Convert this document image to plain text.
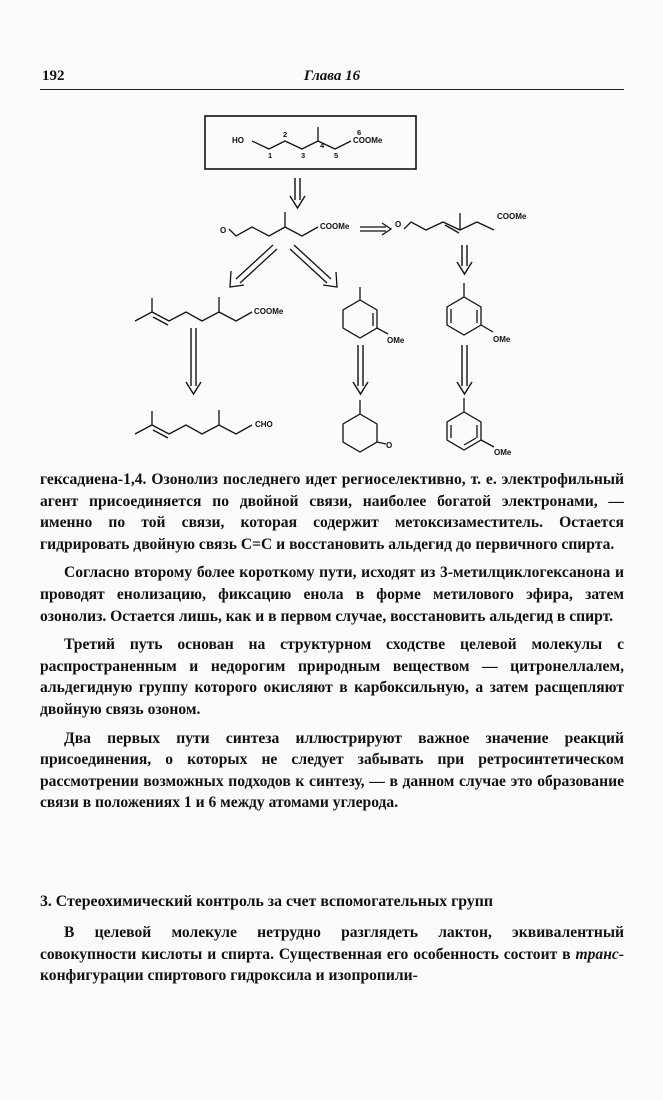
192	Глава 16
HO	COOMe
1
2
3
4
5
6
O	COOMe	O
COOMe
COOMe
OMe	OMe
CHO
O
OMe

гексадиена-1,4. Озонолиз последнего идет региоселективно, т. е. электрофильный агент присоединяется по двойной связи, наиболее богатой электронами, — именно по той связи, которая содержит метоксизаместитель. Остается гидрировать двойную связь C=C и восстановить альдегид до первичного спирта.

Согласно второму более короткому пути, исходят из 3-метилциклогексанона и проводят енолизацию, фиксацию енола в форме метилового эфира, затем озонолиз. Остается лишь, как и в первом случае, восстановить альдегид в спирт.

Третий путь основан на структурном сходстве целевой молекулы с распространенным и недорогим природным веществом — цитронеллалем, альдегидную группу которого окисляют в карбоксильную, а затем расщепляют двойную связь озоном.

Два первых пути синтеза иллюстрируют важное значение реакций присоединения, о которых не следует забывать при ретросинтетическом рассмотрении возможных подходов к синтезу, — в данном случае это образование связи в положениях 1 и 6 между атомами углерода.

3. Стереохимический контроль за счет вспомогательных групп
В целевой молекуле нетрудно разглядеть лактон, эквивалентный совокупности кислоты и спирта. Существенная его особенность состоит в транс-конфигурации спиртового гидроксила и изопропили-
